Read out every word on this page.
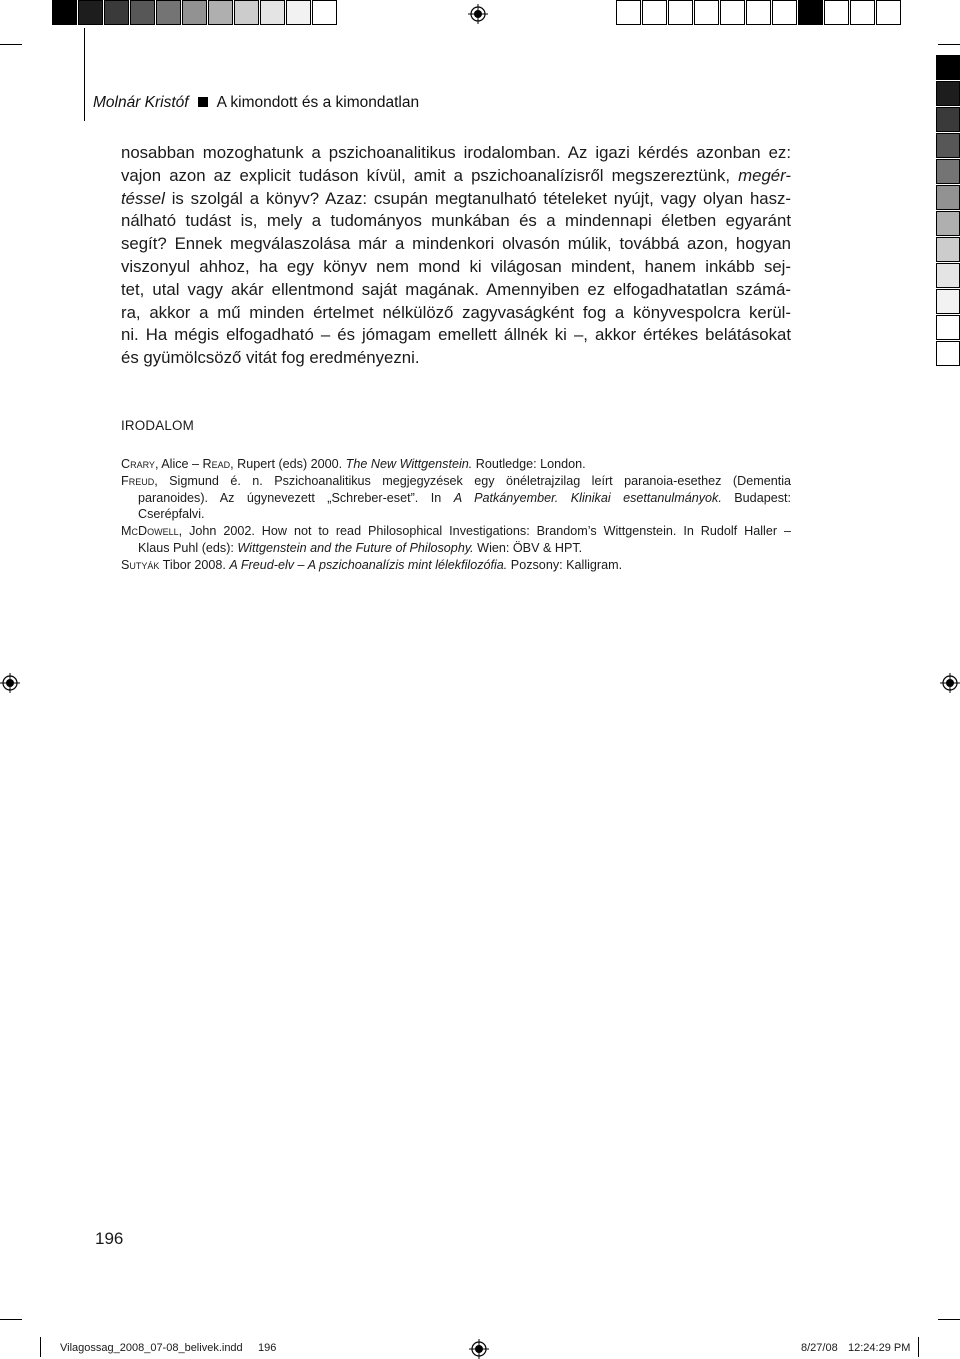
Molnár Kristóf A kimondott és a kimondatlan
nosabban mozoghatunk a pszichoanalitikus irodalomban. Az igazi kérdés azonban ez:
vajon azon az explicit tudáson kívül, amit a pszichoanalízisről megszereztünk, megér-
téssel is szolgál a könyv? Azaz: csupán megtanulható tételeket nyújt, vagy olyan hasz-
nálható tudást is, mely a tudományos munkában és a mindennapi életben egyaránt
segít? Ennek megválaszolása már a mindenkori olvasón múlik, továbbá azon, hogyan
viszonyul ahhoz, ha egy könyv nem mond ki világosan mindent, hanem inkább sej-
tet, utal vagy akár ellentmond saját magának. Amennyiben ez elfogadhatatlan számá-
ra, akkor a mű minden értelmet nélkülöző zagyvaságként fog a könyvespolcra kerül-
ni. Ha mégis elfogadható – és jómagam emellett állnék ki –, akkor értékes belátásokat
és gyümölcsöző vitát fog eredményezni.
IRODALOM
Crary, Alice – Read, Rupert (eds) 2000. The New Wittgenstein. Routledge: London.
Freud, Sigmund é. n. Pszichoanalitikus megjegyzések egy önéletrajzilag leírt paranoia-esethez (Dementia
paranoides). Az úgynevezett „Schreber-eset”. In A Patkányember. Klinikai esettanulmányok. Budapest:
Cserépfalvi.
McDowell, John 2002. How not to read Philosophical Investigations: Brandom’s Wittgenstein. In Rudolf Haller –
Klaus Puhl (eds): Wittgenstein and the Future of Philosophy. Wien: ÖBV & HPT.
Sutyák Tibor 2008. A Freud-elv – A pszichoanalízis mint lélekfilozófia. Pozsony: Kalligram.
196
Vilagossag_2008_07-08_belivek.indd 196	8/27/08 12:24:29 PM
